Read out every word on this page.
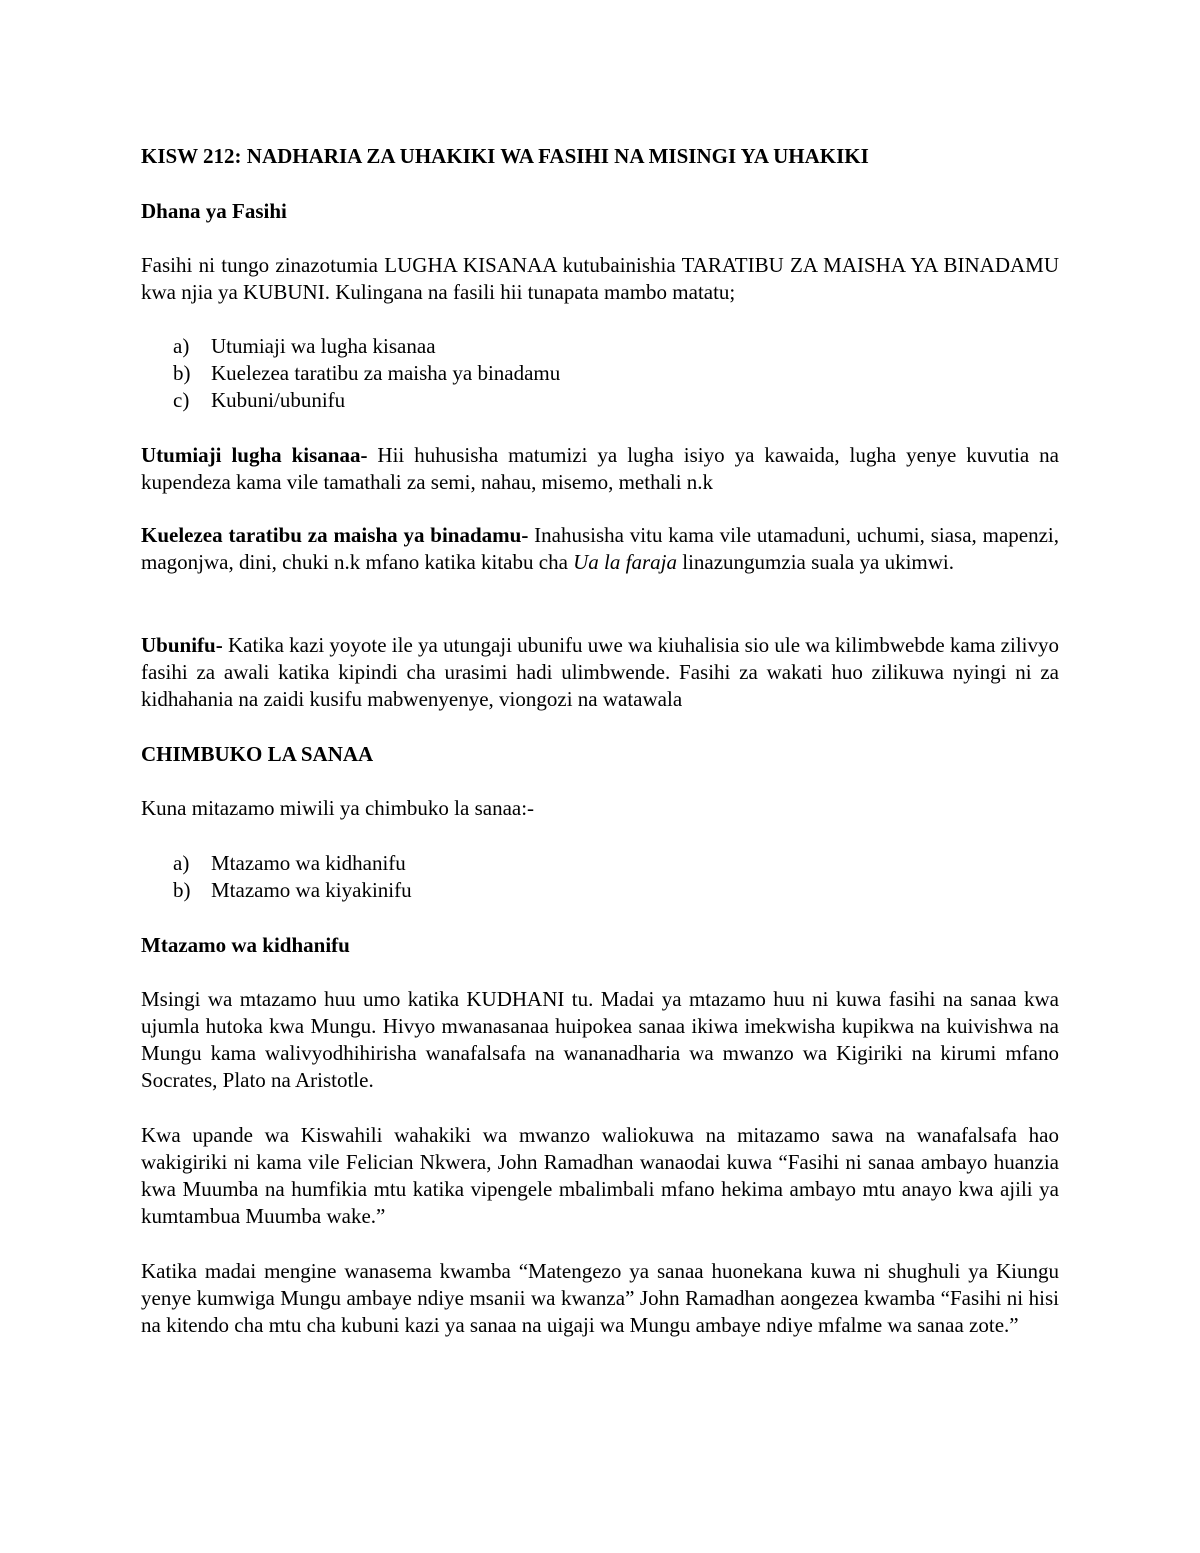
KISW 212: NADHARIA ZA UHAKIKI WA FASIHI NA MISINGI YA UHAKIKI

Dhana ya Fasihi

Fasihi ni tungo zinazotumia LUGHA KISANAA kutubainishia TARATIBU ZA MAISHA YA BINADAMU kwa njia ya KUBUNI. Kulingana na fasili hii tunapata mambo matatu;

a) Utumiaji wa lugha kisanaa

b) Kuelezea taratibu za maisha ya binadamu

c) Kubuni/ubunifu

Utumiaji lugha kisanaa- Hii huhusisha matumizi ya lugha isiyo ya kawaida, lugha yenye kuvutia na kupendeza kama vile tamathali za semi, nahau, misemo, methali n.k

Kuelezea taratibu za maisha ya binadamu- Inahusisha vitu kama vile utamaduni, uchumi, siasa, mapenzi, magonjwa, dini, chuki n.k mfano katika kitabu cha Ua la faraja linazungumzia suala ya ukimwi.

Ubunifu- Katika kazi yoyote ile ya utungaji ubunifu uwe wa kiuhalisia sio ule wa kilimbwebde kama zilivyo fasihi za awali katika kipindi cha urasimi hadi ulimbwende. Fasihi za wakati huo zilikuwa nyingi ni za kidhahania na zaidi kusifu mabwenyenye, viongozi na watawala

CHIMBUKO LA SANAA

Kuna mitazamo miwili ya chimbuko la sanaa:-

a) Mtazamo wa kidhanifu

b) Mtazamo wa kiyakinifu

Mtazamo wa kidhanifu

Msingi wa mtazamo huu umo katika KUDHANI tu. Madai ya mtazamo huu ni kuwa fasihi na sanaa kwa ujumla hutoka kwa Mungu. Hivyo mwanasanaa huipokea sanaa ikiwa imekwisha kupikwa na kuivishwa na Mungu kama walivyodhihirisha wanafalsafa na wananadharia wa mwanzo wa Kigiriki na kirumi mfano Socrates, Plato na Aristotle.

Kwa upande wa Kiswahili wahakiki wa mwanzo waliokuwa na mitazamo sawa na wanafalsafa hao wakigiriki ni kama vile Felician Nkwera, John Ramadhan wanaodai kuwa “Fasihi ni sanaa ambayo huanzia kwa Muumba na humfikia mtu katika vipengele mbalimbali mfano hekima ambayo mtu anayo kwa ajili ya kumtambua Muumba wake.”

Katika madai mengine wanasema kwamba “Matengezo ya sanaa huonekana kuwa ni shughuli ya Kiungu yenye kumwiga Mungu ambaye ndiye msanii wa kwanza” John Ramadhan aongezea kwamba “Fasihi ni hisi na kitendo cha mtu cha kubuni kazi ya sanaa na uigaji wa Mungu ambaye ndiye mfalme wa sanaa zote.”
